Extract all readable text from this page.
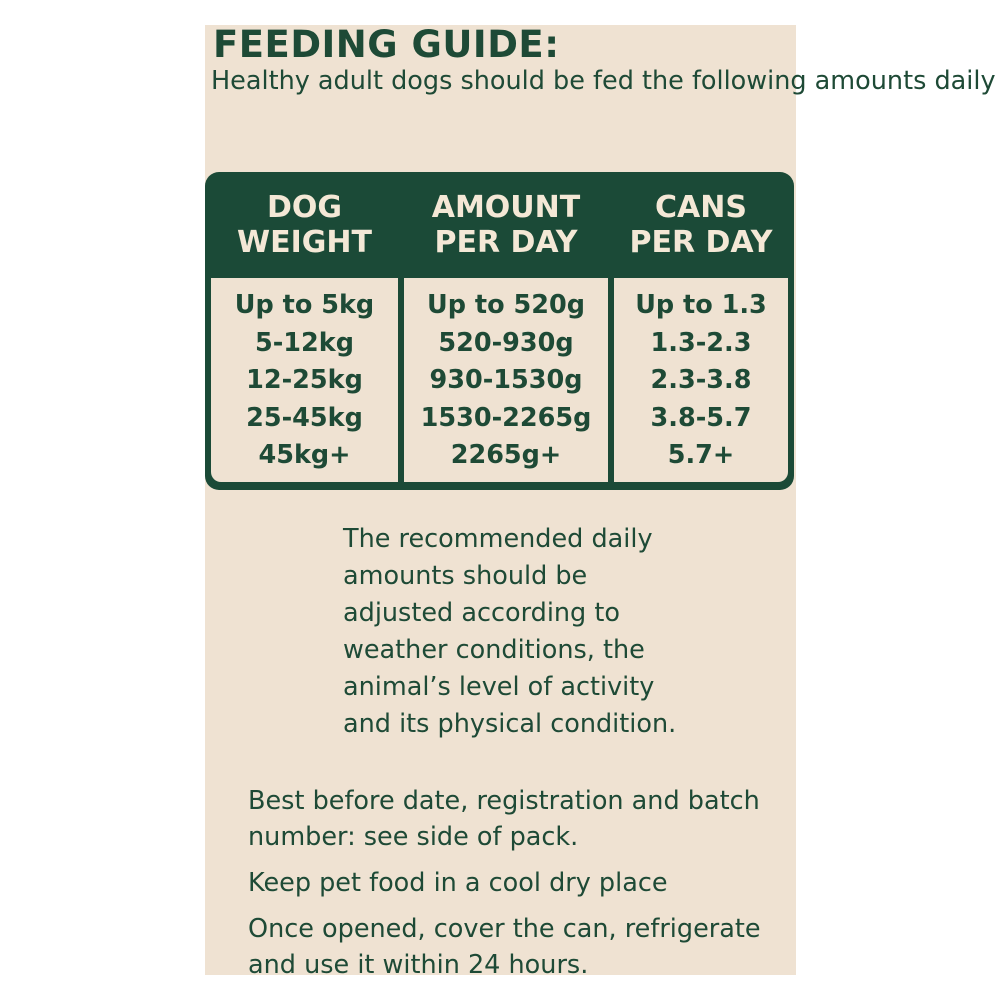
FEEDING GUIDE:

Healthy adult dogs should be fed the following amounts daily

DOG
WEIGHT
AMOUNT
PER DAY
CANS
PER DAY
Up to 5kg
5-12kg
12-25kg
25-45kg
45kg+
Up to 520g
520-930g
930-1530g
1530-2265g
2265g+
Up to 1.3
1.3-2.3
2.3-3.8
3.8-5.7
5.7+

The recommended daily
amounts should be
adjusted according to
weather conditions, the
animal’s level of activity
and its physical condition.

Best before date, registration and batch
number: see side of pack.

Keep pet food in a cool dry place

Once opened, cover the can, refrigerate
and use it within 24 hours.
